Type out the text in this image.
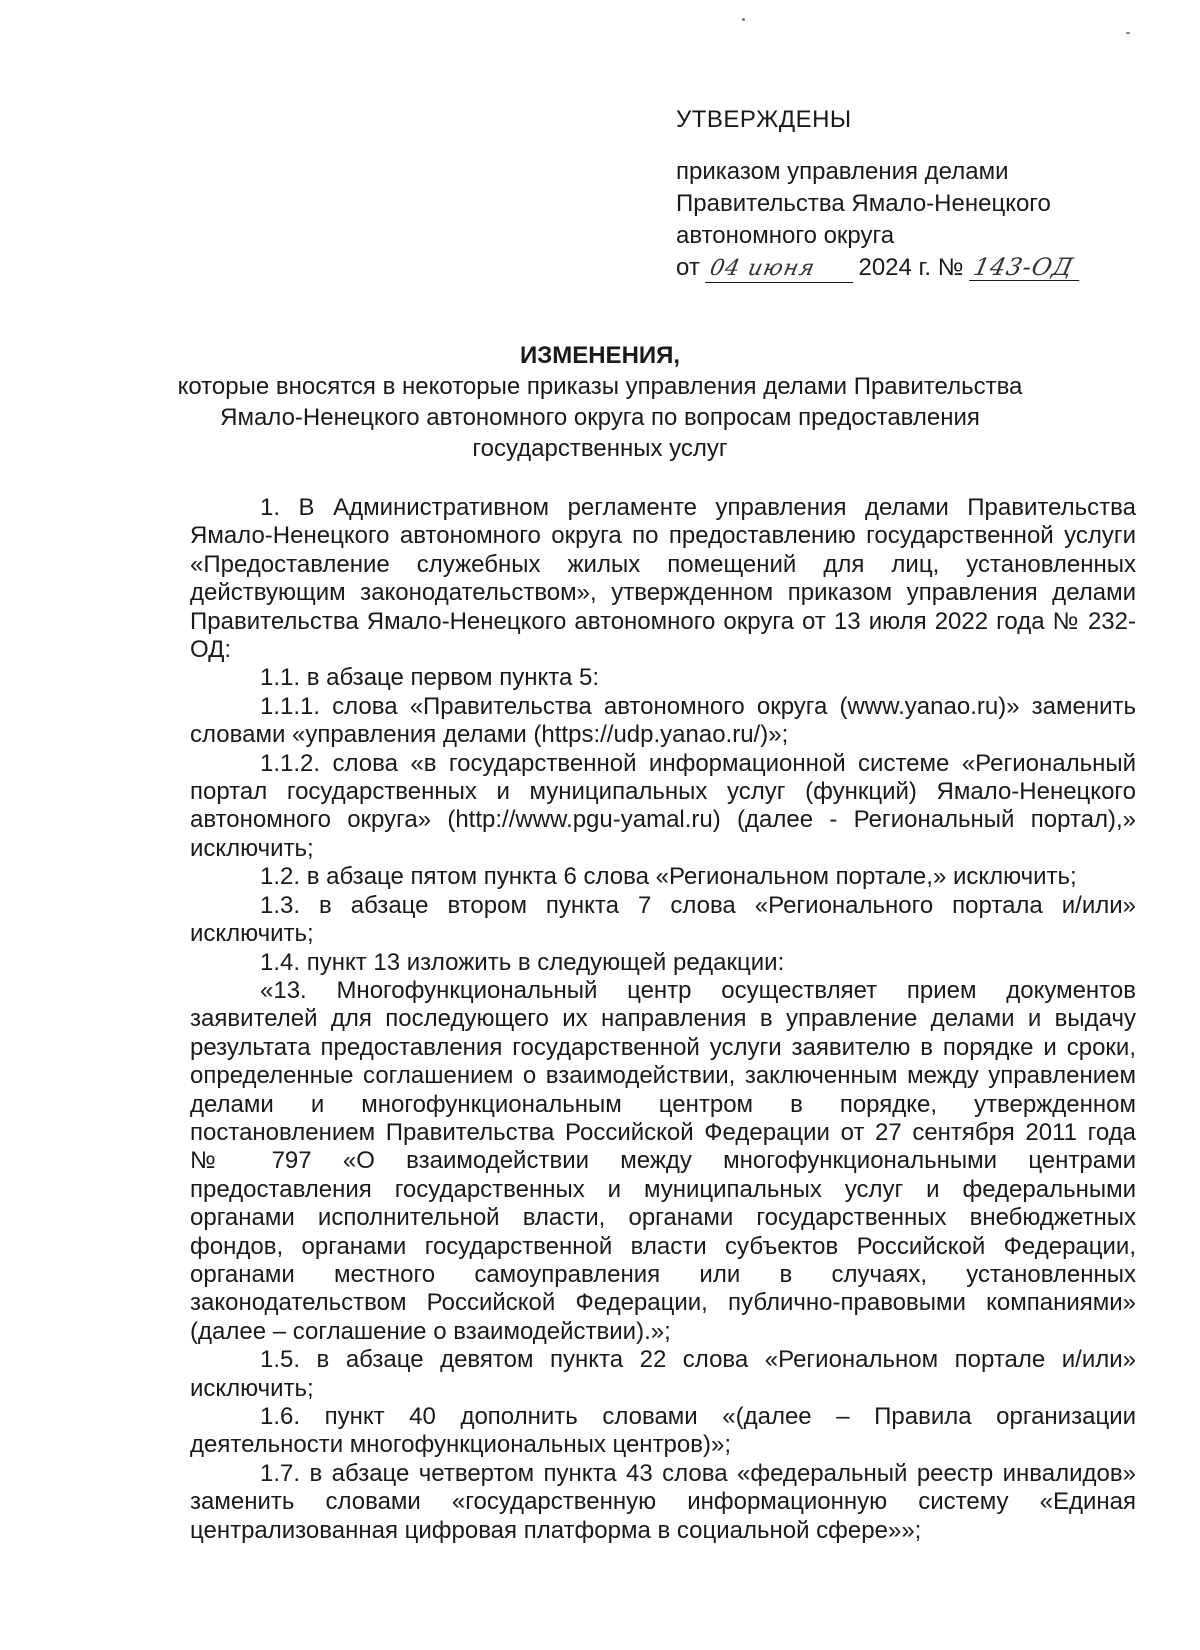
УТВЕРЖДЕНЫ
приказом управления делами
Правительства Ямало-Ненецкого
автономного округа
от 04 июня 2024 г. № 143-ОД
ИЗМЕНЕНИЯ,
которые вносятся в некоторые приказы управления делами Правительства
Ямало-Ненецкого автономного округа по вопросам предоставления
государственных услуг

1. В Административном регламенте управления делами Правительства Ямало-Ненецкого автономного округа по предоставлению государственной услуги «Предоставление служебных жилых помещений для лиц, установленных действующим законодательством», утвержденном приказом управления делами Правительства Ямало-Ненецкого автономного округа от 13 июля 2022 года № 232-ОД:

1.1. в абзаце первом пункта 5:

1.1.1. слова «Правительства автономного округа (www.yanao.ru)» заменить словами «управления делами (https://udp.yanao.ru/)»;

1.1.2. слова «в государственной информационной системе «Региональный портал государственных и муниципальных услуг (функций) Ямало-Ненецкого автономного округа» (http://www.pgu-yamal.ru) (далее - Региональный портал),» исключить;

1.2. в абзаце пятом пункта 6 слова «Региональном портале,» исключить;

1.3. в абзаце втором пункта 7 слова «Регионального портала и/или» исключить;

1.4. пункт 13 изложить в следующей редакции:

«13. Многофункциональный центр осуществляет прием документов заявителей для последующего их направления в управление делами и выдачу результата предоставления государственной услуги заявителю в порядке и сроки, определенные соглашением о взаимодействии, заключенным между управлением делами и многофункциональным центром в порядке, утвержденном постановлением Правительства Российской Федерации от 27 сентября 2011 года № 797 «О взаимодействии между многофункциональными центрами предоставления государственных и муниципальных услуг и федеральными органами исполнительной власти, органами государственных внебюджетных фондов, органами государственной власти субъектов Российской Федерации, органами местного самоуправления или в случаях, установленных законодательством Российской Федерации, публично-правовыми компаниями» (далее – соглашение о взаимодействии).»;

1.5. в абзаце девятом пункта 22 слова «Региональном портале и/или» исключить;

1.6. пункт 40 дополнить словами «(далее – Правила организации деятельности многофункциональных центров)»;

1.7. в абзаце четвертом пункта 43 слова «федеральный реестр инвалидов» заменить словами «государственную информационную систему «Единая централизованная цифровая платформа в социальной сфере»»;
